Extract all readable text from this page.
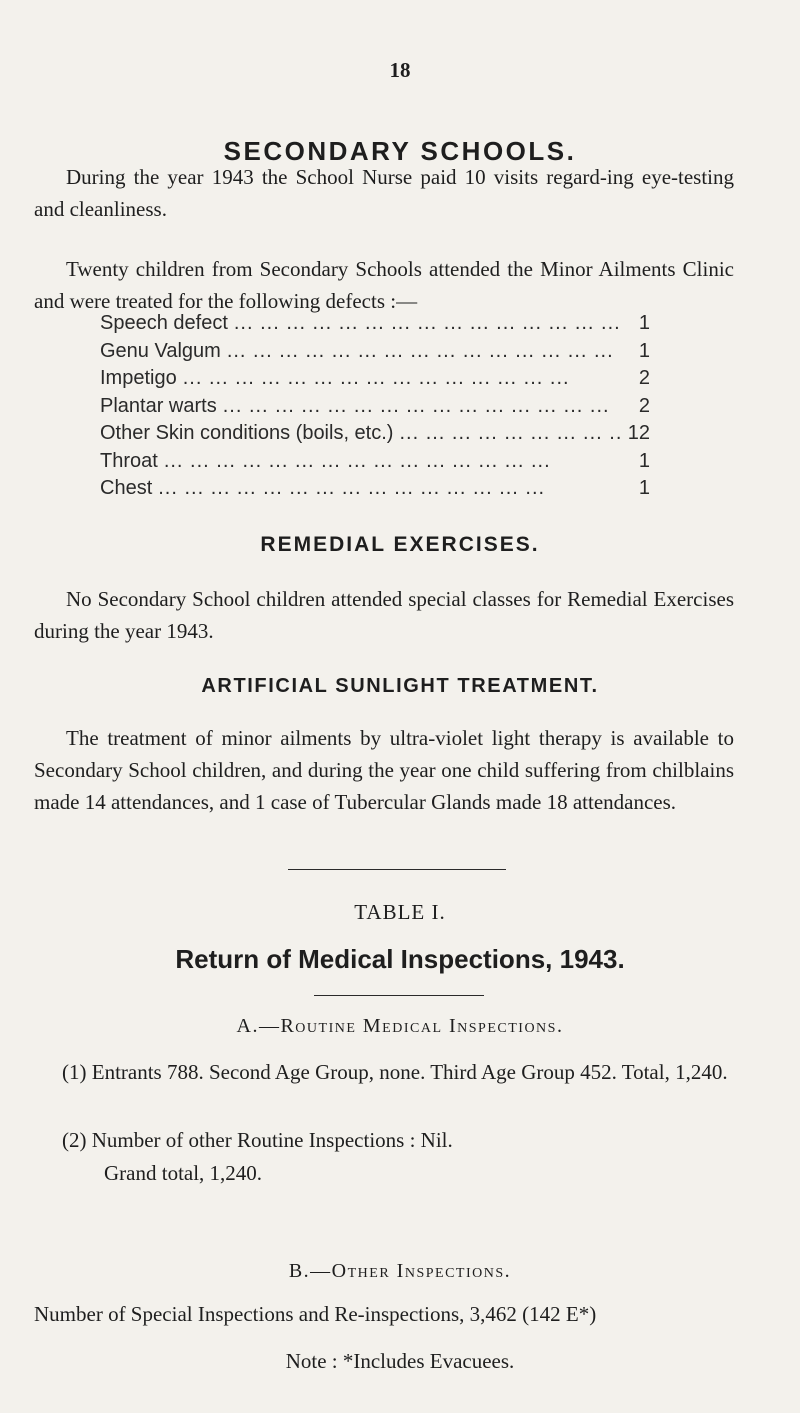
18
SECONDARY SCHOOLS.

During the year 1943 the School Nurse paid 10 visits regard-ing eye-testing and cleanliness.

Twenty children from Secondary Schools attended the Minor Ailments Clinic and were treated for the following defects :—

Speech defect ... .	1
Genu Valgum ... .	1
Impetigo ... .	2
Plantar warts ... .	2
Other Skin conditions (boils, etc.) ... .	12
Throat ... .	1
Chest ... .	1
REMEDIAL EXERCISES.

No Secondary School children attended special classes for Remedial Exercises during the year 1943.

ARTIFICIAL SUNLIGHT TREATMENT.

The treatment of minor ailments by ultra-violet light therapy is available to Secondary School children, and during the year one child suffering from chilblains made 14 attendances, and 1 case of Tubercular Glands made 18 attendances.

TABLE I.
Return of Medical Inspections, 1943.
A.—Routine Medical Inspections.

(1) Entrants 788. Second Age Group, none. Third Age Group 452. Total, 1,240.

(2) Number of other Routine Inspections : Nil.

Grand total, 1,240.

B.—Other Inspections.

Number of Special Inspections and Re-inspections, 3,462 (142 E*)

Note : *Includes Evacuees.
